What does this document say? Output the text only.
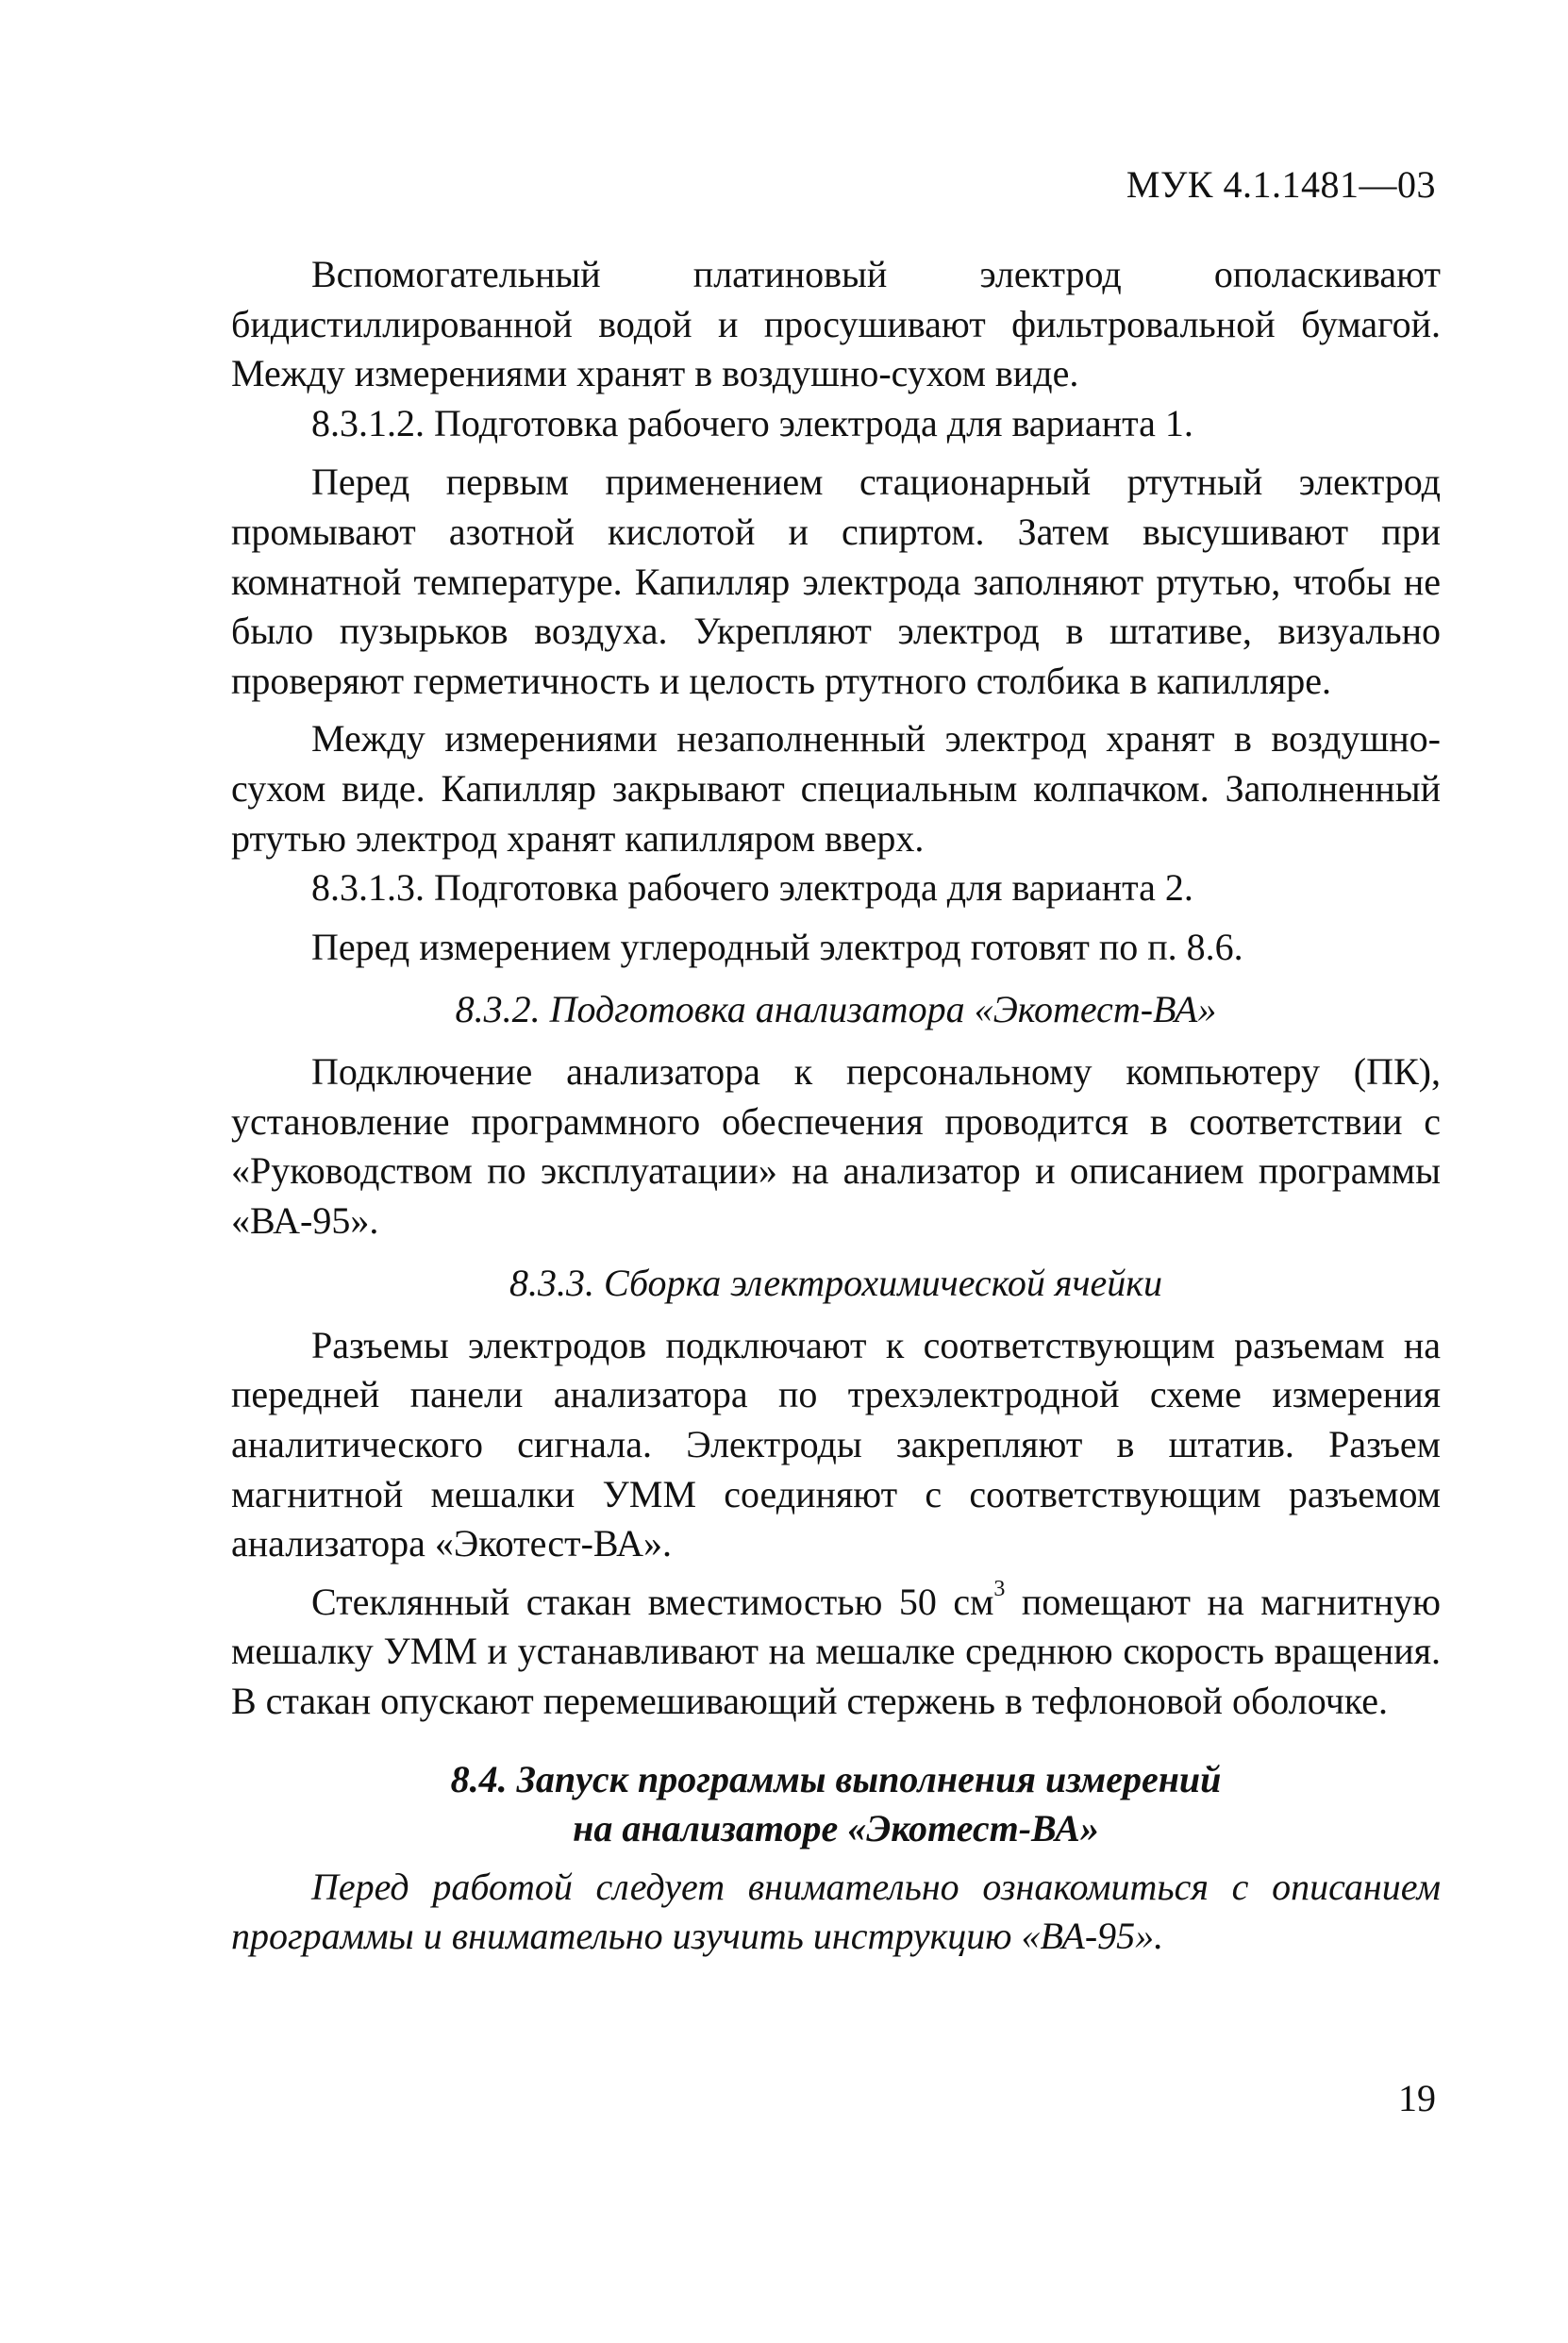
МУК 4.1.1481—03

Вспомогательный платиновый электрод ополаскивают бидистиллированной водой и просушивают фильтровальной бумагой. Между измерениями хранят в воздушно-сухом виде.

8.3.1.2. Подготовка рабочего электрода для варианта 1.

Перед первым применением стационарный ртутный электрод промывают азотной кислотой и спиртом. Затем высушивают при комнатной температуре. Капилляр электрода заполняют ртутью, чтобы не было пузырьков воздуха. Укрепляют электрод в штативе, визуально проверяют герметичность и целость ртутного столбика в капилляре.

Между измерениями незаполненный электрод хранят в воздушно-сухом виде. Капилляр закрывают специальным колпачком. Заполненный ртутью электрод хранят капилляром вверх.

8.3.1.3. Подготовка рабочего электрода для варианта 2.

Перед измерением углеродный электрод готовят по п. 8.6.

8.3.2. Подготовка анализатора «Экотест-ВА»

Подключение анализатора к персональному компьютеру (ПК), установление программного обеспечения проводится в соответствии с «Руководством по эксплуатации» на анализатор и описанием программы «ВА-95».

8.3.3. Сборка электрохимической ячейки

Разъемы электродов подключают к соответствующим разъемам на передней панели анализатора по трехэлектродной схеме измерения аналитического сигнала. Электроды закрепляют в штатив. Разъем магнитной мешалки УММ соединяют с соответствующим разъемом анализатора «Экотест-ВА».

Стеклянный стакан вместимостью 50 $см^3$ помещают на магнитную мешалку УММ и устанавливают на мешалке среднюю скорость вращения. В стакан опускают перемешивающий стержень в тефлоновой оболочке.

8.4. Запуск программы выполнения измерений
на анализаторе «Экотест-ВА»

Перед работой следует внимательно ознакомиться с описанием программы и внимательно изучить инструкцию «ВА-95».

19
